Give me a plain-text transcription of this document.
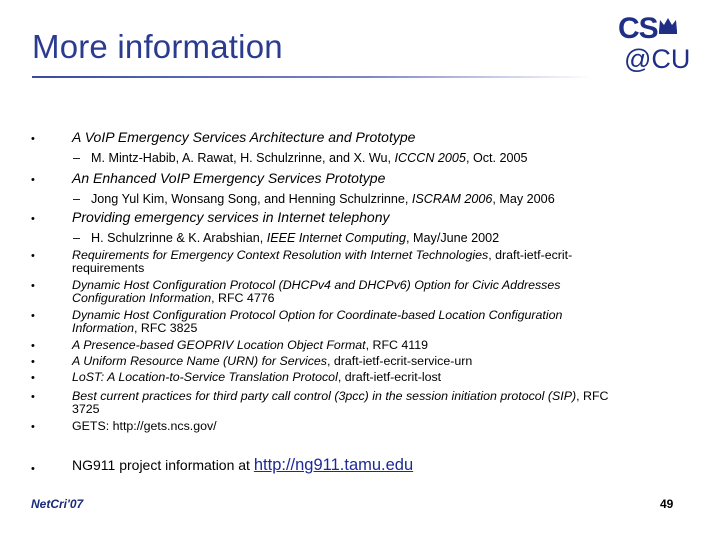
More information	CS
@CU
•	A VoIP Emergency Services Architecture and Prototype
– M. Mintz-Habib, A. Rawat, H. Schulzrinne, and X. Wu, ICCCN 2005, Oct. 2005
•	An Enhanced VoIP Emergency Services Prototype
– Jong Yul Kim, Wonsang Song, and Henning Schulzrinne, ISCRAM 2006, May 2006
•	Providing emergency services in Internet telephony
– H. Schulzrinne & K. Arabshian, IEEE Internet Computing, May/June 2002
•	Requirements for Emergency Context Resolution with Internet Technologies, draft-ietf-ecrit-
requirements
•	Dynamic Host Configuration Protocol (DHCPv4 and DHCPv6) Option for Civic Addresses
Configuration Information, RFC 4776
•	Dynamic Host Configuration Protocol Option for Coordinate-based Location Configuration
Information, RFC 3825
•	A Presence-based GEOPRIV Location Object Format, RFC 4119
•	A Uniform Resource Name (URN) for Services, draft-ietf-ecrit-service-urn
•	LoST: A Location-to-Service Translation Protocol, draft-ietf-ecrit-lost
•	Best current practices for third party call control (3pcc) in the session initiation protocol (SIP), RFC
3725
•	GETS: http://gets.ncs.gov/
•	NG911 project information at http://ng911.tamu.edu
NetCri'07	49
